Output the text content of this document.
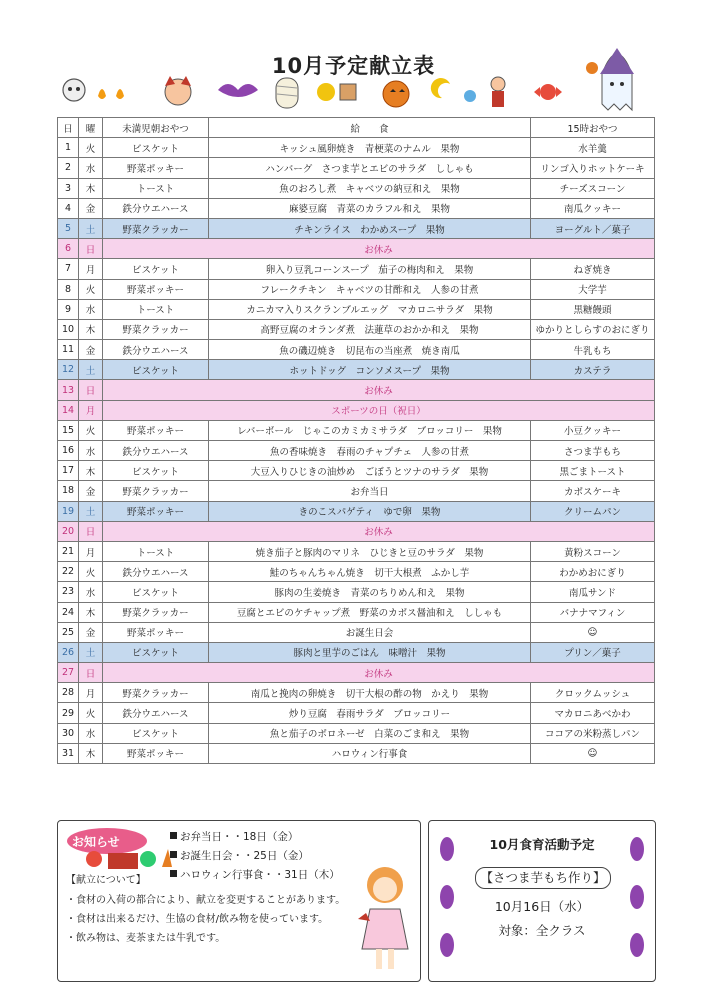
10月予定献立表
日	曜	未満児朝おやつ	給　　食	15時おやつ
1	火	ビスケット	キッシュ風卵焼き　青梗菜のナムル　果物	水羊羹
2	水	野菜ポッキー	ハンバーグ　さつま芋とエビのサラダ　ししゃも	リンゴ入りホットケーキ
3	木	トースト	魚のおろし煮　キャベツの納豆和え　果物	チーズスコーン
4	金	鉄分ウエハース	麻婆豆腐　青菜のカラフル和え　果物	南瓜クッキー
5	土	野菜クラッカー	チキンライス　わかめスープ　果物	ヨーグルト／菓子
6	日	お休み		
7	月	ビスケット	卵入り豆乳コーンスープ　茄子の梅肉和え　果物	ねぎ焼き
8	火	野菜ポッキー	フレークチキン　キャベツの甘酢和え　人参の甘煮	大学芋
9	水	トースト	カニカマ入りスクランブルエッグ　マカロニサラダ　果物	黒糖饅頭
10	木	野菜クラッカー	高野豆腐のオランダ煮　法蓮草のおかか和え　果物	ゆかりとしらすのおにぎり
11	金	鉄分ウエハース	魚の磯辺焼き　切昆布の当座煮　焼き南瓜	牛乳もち
12	土	ビスケット	ホットドッグ　コンソメスープ　果物	カステラ
13	日	お休み		
14	月	スポーツの日（祝日）		
15	火	野菜ポッキー	レバーボール　じゃこのカミカミサラダ　ブロッコリー　果物	小豆クッキー
16	水	鉄分ウエハース	魚の香味焼き　春雨のチャプチェ　人参の甘煮	さつま芋もち
17	木	ビスケット	大豆入りひじきの油炒め　ごぼうとツナのサラダ　果物	黒ごまトースト
18	金	野菜クラッカー	お弁当日	カボスケーキ
19	土	野菜ポッキー	きのこスパゲティ　ゆで卵　果物	クリームパン
20	日	お休み		
21	月	トースト	焼き茄子と豚肉のマリネ　ひじきと豆のサラダ　果物	黄粉スコーン
22	火	鉄分ウエハース	鮭のちゃんちゃん焼き　切干大根煮　ふかし芋	わかめおにぎり
23	水	ビスケット	豚肉の生姜焼き　青菜のちりめん和え　果物	南瓜サンド
24	木	野菜クラッカー	豆腐とエビのケチャップ煮　野菜のカボス醤油和え　ししゃも	バナナマフィン
25	金	野菜ポッキー	お誕生日会	☺
26	土	ビスケット	豚肉と里芋のごはん　味噌汁　果物	プリン／菓子
27	日	お休み		
28	月	野菜クラッカー	南瓜と挽肉の卵焼き　切干大根の酢の物　かえり　果物	クロックムッシュ
29	火	鉄分ウエハース	炒り豆腐　春雨サラダ　ブロッコリー	マカロニあべかわ
30	水	ビスケット	魚と茄子のボロネーゼ　白菜のごま和え　果物	ココアの米粉蒸しパン
31	木	野菜ポッキー	ハロウィン行事食	☺
お知らせ	お弁当日・・18日（金）
お誕生日会・・25日（金）
ハロウィン行事食・・31日（木）
【献立について】
・食材の入荷の都合により、献立を変更することがあります。
・食材は出来るだけ、生協の食材/飲み物を使っています。
・飲み物は、麦茶または牛乳です。
10月食育活動予定
【さつま芋もち作り】
10月16日（水）
対象：全クラス
